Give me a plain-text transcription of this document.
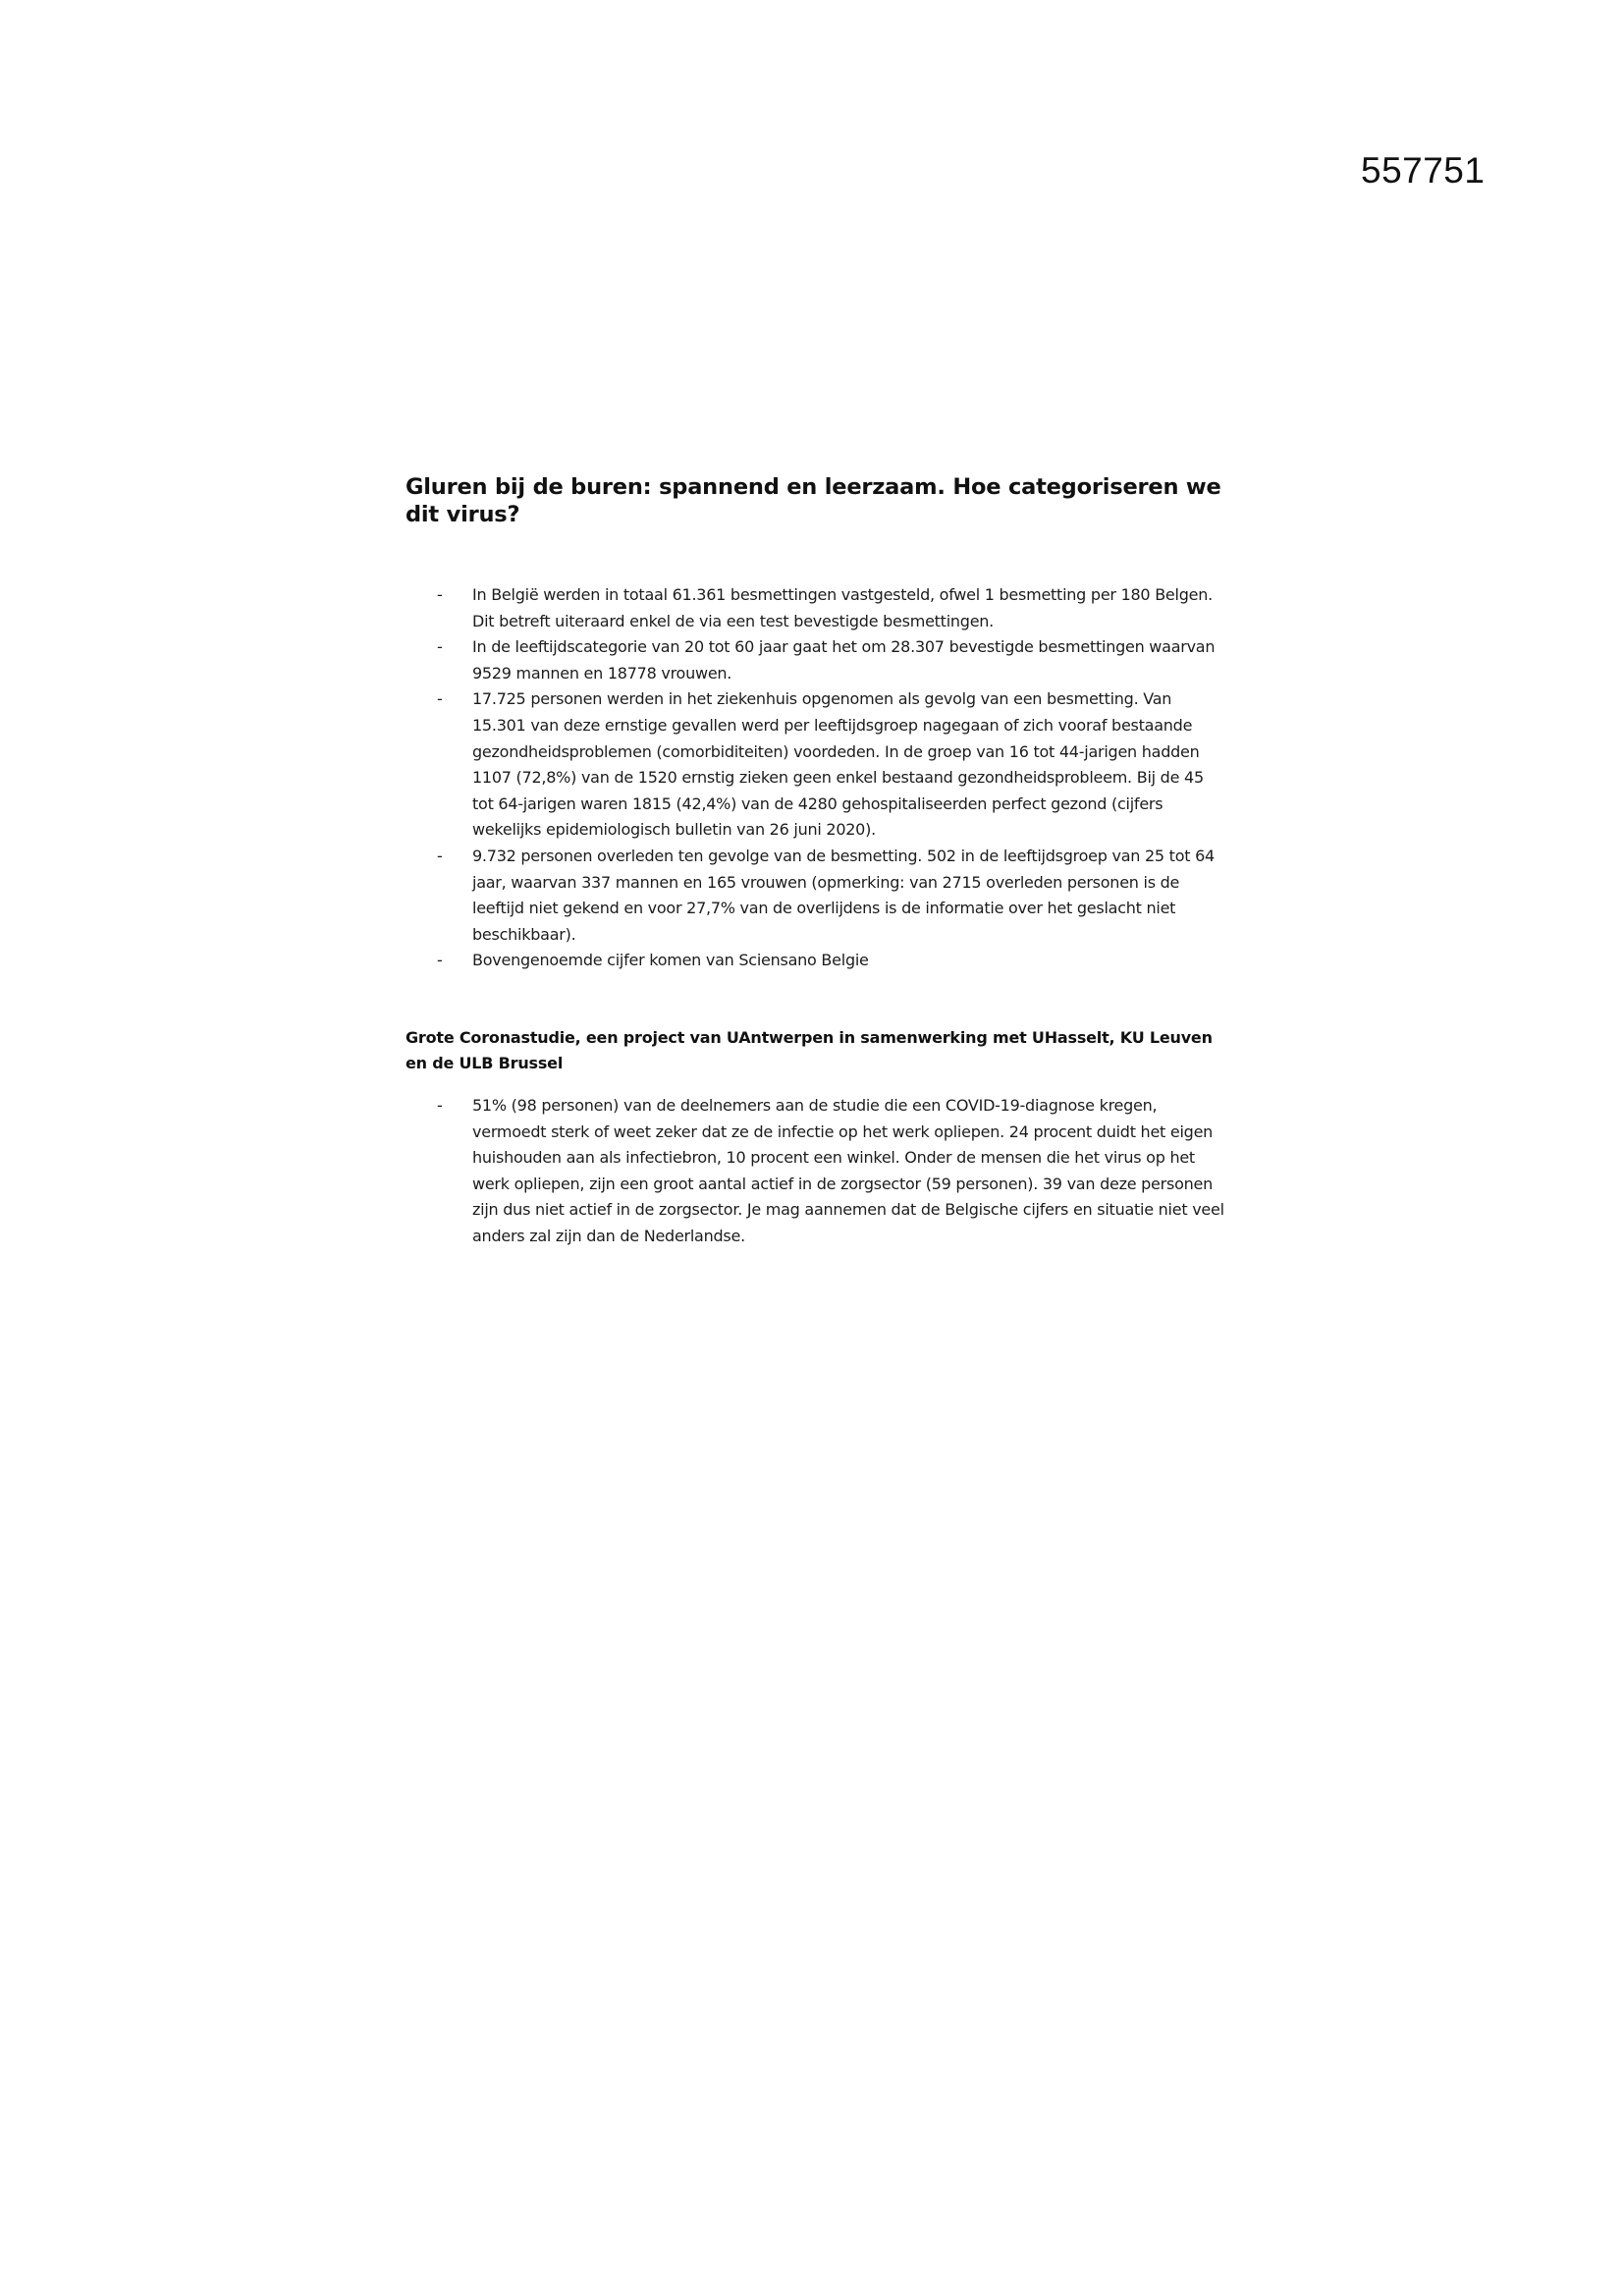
557751
Gluren bij de buren: spannend en leerzaam. Hoe categoriseren we dit virus?
- In België werden in totaal 61.361 besmettingen vastgesteld, ofwel 1 besmetting per 180 Belgen. Dit betreft uiteraard enkel de via een test bevestigde besmettingen.
- In de leeftijdscategorie van 20 tot 60 jaar gaat het om 28.307 bevestigde besmettingen waarvan 9529 mannen en 18778 vrouwen.
- 17.725 personen werden in het ziekenhuis opgenomen als gevolg van een besmetting. Van 15.301 van deze ernstige gevallen werd per leeftijdsgroep nagegaan of zich vooraf bestaande gezondheidsproblemen (comorbiditeiten) voordeden. In de groep van 16 tot 44-jarigen hadden 1107 (72,8%) van de 1520 ernstig zieken geen enkel bestaand gezondheidsprobleem. Bij de 45 tot 64-jarigen waren 1815 (42,4%) van de 4280 gehospitaliseerden perfect gezond (cijfers wekelijks epidemiologisch bulletin van 26 juni 2020).
- 9.732 personen overleden ten gevolge van de besmetting. 502 in de leeftijdsgroep van 25 tot 64 jaar, waarvan 337 mannen en 165 vrouwen (opmerking: van 2715 overleden personen is de leeftijd niet gekend en voor 27,7% van de overlijdens is de informatie over het geslacht niet beschikbaar).
- Bovengenoemde cijfer komen van Sciensano Belgie
Grote Coronastudie, een project van UAntwerpen in samenwerking met UHasselt, KU Leuven en de ULB Brussel
- 51% (98 personen) van de deelnemers aan de studie die een COVID-19-diagnose kregen, vermoedt sterk of weet zeker dat ze de infectie op het werk opliepen. 24 procent duidt het eigen huishouden aan als infectiebron, 10 procent een winkel. Onder de mensen die het virus op het werk opliepen, zijn een groot aantal actief in de zorgsector (59 personen). 39 van deze personen zijn dus niet actief in de zorgsector. Je mag aannemen dat de Belgische cijfers en situatie niet veel anders zal zijn dan de Nederlandse.
